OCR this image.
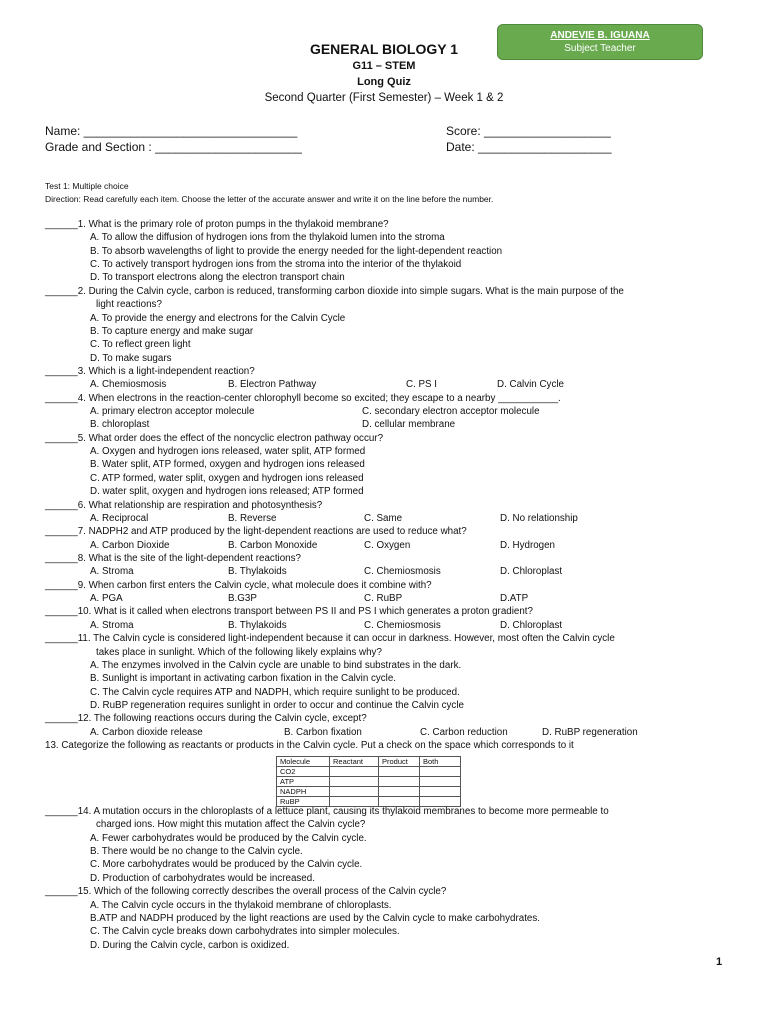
ANDEVIE B. IGUANA
Subject Teacher
GENERAL BIOLOGY 1
G11 – STEM
Long Quiz
Second Quarter (First Semester) – Week 1 & 2
Name: ________________________________	Score: ___________________
Grade and Section : ______________________	Date: ____________________
Test 1: Multiple choice
Direction: Read carefully each item. Choose the letter of the accurate answer and write it on the line before the number.
______1. What is the primary role of proton pumps in the thylakoid membrane?
A. To allow the diffusion of hydrogen ions from the thylakoid lumen into the stroma
B. To absorb wavelengths of light to provide the energy needed for the light-dependent reaction
C. To actively transport hydrogen ions from the stroma into the interior of the thylakoid
D. To transport electrons along the electron transport chain
______2. During the Calvin cycle, carbon is reduced, transforming carbon dioxide into simple sugars. What is the main purpose of the
light reactions?
A. To provide the energy and electrons for the Calvin Cycle
B. To capture energy and make sugar
C. To reflect green light
D. To make sugars
______3. Which is a light-independent reaction?
______4. When electrons in the reaction-center chlorophyll become so excited; they escape to a nearby ___________.
______5. What order does the effect of the noncyclic electron pathway occur?
A. Oxygen and hydrogen ions released, water split, ATP formed
B. Water split, ATP formed, oxygen and hydrogen ions released
C. ATP formed, water split, oxygen and hydrogen ions released
D. water split, oxygen and hydrogen ions released; ATP formed
______6. What relationship are respiration and photosynthesis?
______7. NADPH2 and ATP produced by the light-dependent reactions are used to reduce what?
______8. What is the site of the light-dependent reactions?
______9. When carbon first enters the Calvin cycle, what molecule does it combine with?
______10. What is it called when electrons transport between PS II and PS I which generates a proton gradient?
______11. The Calvin cycle is considered light-independent because it can occur in darkness. However, most often the Calvin cycle
takes place in sunlight. Which of the following likely explains why?
A. The enzymes involved in the Calvin cycle are unable to bind substrates in the dark.
B. Sunlight is important in activating carbon fixation in the Calvin cycle.
C. The Calvin cycle requires ATP and NADPH, which require sunlight to be produced.
D. RuBP regeneration requires sunlight in order to occur and continue the Calvin cycle
______12. The following reactions occurs during the Calvin cycle, except?
13. Categorize the following as reactants or products in the Calvin cycle. Put a check on the space which corresponds to it
A. Chemiosmosis	B. Electron Pathway	C. PS I	D. Calvin Cycle
A. Reciprocal	B. Reverse	C. Same	D. No relationship
A. Carbon Dioxide	B. Carbon Monoxide	C. Oxygen	D. Hydrogen
A. Stroma	B. Thylakoids	C. Chemiosmosis	D. Chloroplast
A. PGA	B.G3P	C. RuBP	D.ATP
A. Stroma	B. Thylakoids	C. Chemiosmosis	D. Chloroplast
A. Carbon dioxide release	B. Carbon fixation	C. Carbon reduction	D. RuBP regeneration
A. primary electron acceptor molecule	C. secondary electron acceptor molecule
B. chloroplast	D. cellular membrane
______14. A mutation occurs in the chloroplasts of a lettuce plant, causing its thylakoid membranes to become more permeable to
charged ions. How might this mutation affect the Calvin cycle?
A. Fewer carbohydrates would be produced by the Calvin cycle.
B. There would be no change to the Calvin cycle.
C. More carbohydrates would be produced by the Calvin cycle.
D. Production of carbohydrates would be increased.
______15. Which of the following correctly describes the overall process of the Calvin cycle?
A. The Calvin cycle occurs in the thylakoid membrane of chloroplasts.
B.ATP and NADPH produced by the light reactions are used by the Calvin cycle to make carbohydrates.
C. The Calvin cycle breaks down carbohydrates into simpler molecules.
D. During the Calvin cycle, carbon is oxidized.
Molecule	Reactant	Product	Both
CO2			
ATP			
NADPH			
RuBP			
1
